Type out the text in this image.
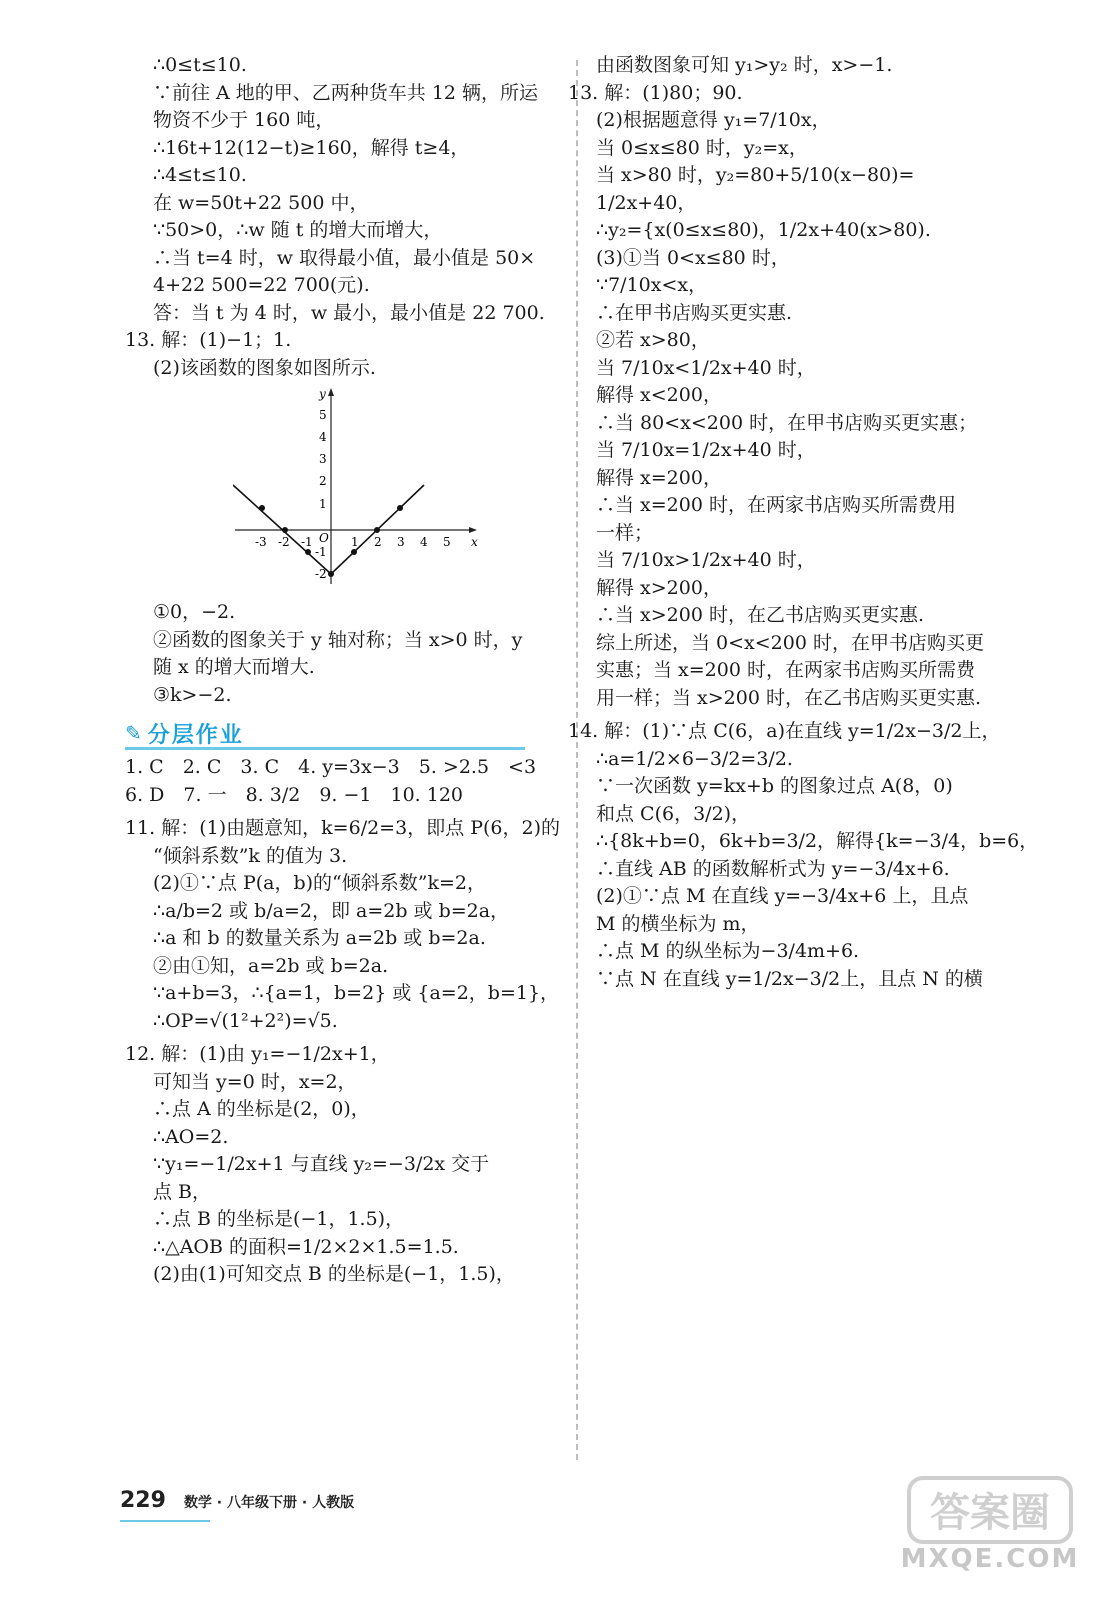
∴0≤t≤10.

∵前往 A 地的甲、乙两种货车共 12 辆，所运

物资不少于 160 吨，

∴16t+12(12−t)≥160，解得 t≥4，

∴4≤t≤10.

在 w=50t+22 500 中，

∵50>0，∴w 随 t 的增大而增大，

∴当 t=4 时，w 取得最小值，最小值是 50×

4+22 500=22 700(元).

答：当 t 为 4 时，w 最小，最小值是 22 700.

13. 解：(1)−1；1.

(2)该函数的图象如图所示.

x
y
O
-3 -2 -1	1 2 3 4 5
5
4
3
2
1
-1
-2

①0，−2.

②函数的图象关于 y 轴对称；当 x>0 时，y

随 x 的增大而增大.

③k>−2.

✎ 分层作业

1. C　2. C　3. C　4. y=3x−3　5. >2.5　<3

6. D　7. 一　8. 3/2　9. −1　10. 120

11. 解：(1)由题意知，k=6/2=3，即点 P(6，2)的

“倾斜系数”k 的值为 3.

(2)①∵点 P(a，b)的“倾斜系数”k=2，

∴a/b=2 或 b/a=2，即 a=2b 或 b=2a，

∴a 和 b 的数量关系为 a=2b 或 b=2a.

②由①知，a=2b 或 b=2a.

∵a+b=3，∴{a=1，b=2} 或 {a=2，b=1}，

∴OP=√(1²+2²)=√5.

12. 解：(1)由 y₁=−1/2x+1，

可知当 y=0 时，x=2，

∴点 A 的坐标是(2，0)，

∴AO=2.

∵y₁=−1/2x+1 与直线 y₂=−3/2x 交于

点 B，

∴点 B 的坐标是(−1，1.5)，

∴△AOB 的面积=1/2×2×1.5=1.5.

(2)由(1)可知交点 B 的坐标是(−1，1.5)，

由函数图象可知 y₁>y₂ 时，x>−1.

13. 解：(1)80；90.

(2)根据题意得 y₁=7/10x，

当 0≤x≤80 时，y₂=x，

当 x>80 时，y₂=80+5/10(x−80)=

1/2x+40，

∴y₂={x(0≤x≤80)，1/2x+40(x>80).

(3)①当 0<x≤80 时，

∵7/10x<x，

∴在甲书店购买更实惠.

②若 x>80，

当 7/10x<1/2x+40 时，

解得 x<200，

∴当 80<x<200 时，在甲书店购买更实惠；

当 7/10x=1/2x+40 时，

解得 x=200，

∴当 x=200 时，在两家书店购买所需费用

一样；

当 7/10x>1/2x+40 时，

解得 x>200，

∴当 x>200 时，在乙书店购买更实惠.

综上所述，当 0<x<200 时，在甲书店购买更

实惠；当 x=200 时，在两家书店购买所需费

用一样；当 x>200 时，在乙书店购买更实惠.

14. 解：(1)∵点 C(6，a)在直线 y=1/2x−3/2上，

∴a=1/2×6−3/2=3/2.

∵一次函数 y=kx+b 的图象过点 A(8，0)

和点 C(6，3/2)，

∴{8k+b=0，6k+b=3/2，解得{k=−3/4，b=6，

∴直线 AB 的函数解析式为 y=−3/4x+6.

(2)①∵点 M 在直线 y=−3/4x+6 上，且点

M 的横坐标为 m，

∴点 M 的纵坐标为−3/4m+6.

∵点 N 在直线 y=1/2x−3/2上，且点 N 的横

229 数学 · 八年级下册 · 人教版	答案圈
MXQE.COM
